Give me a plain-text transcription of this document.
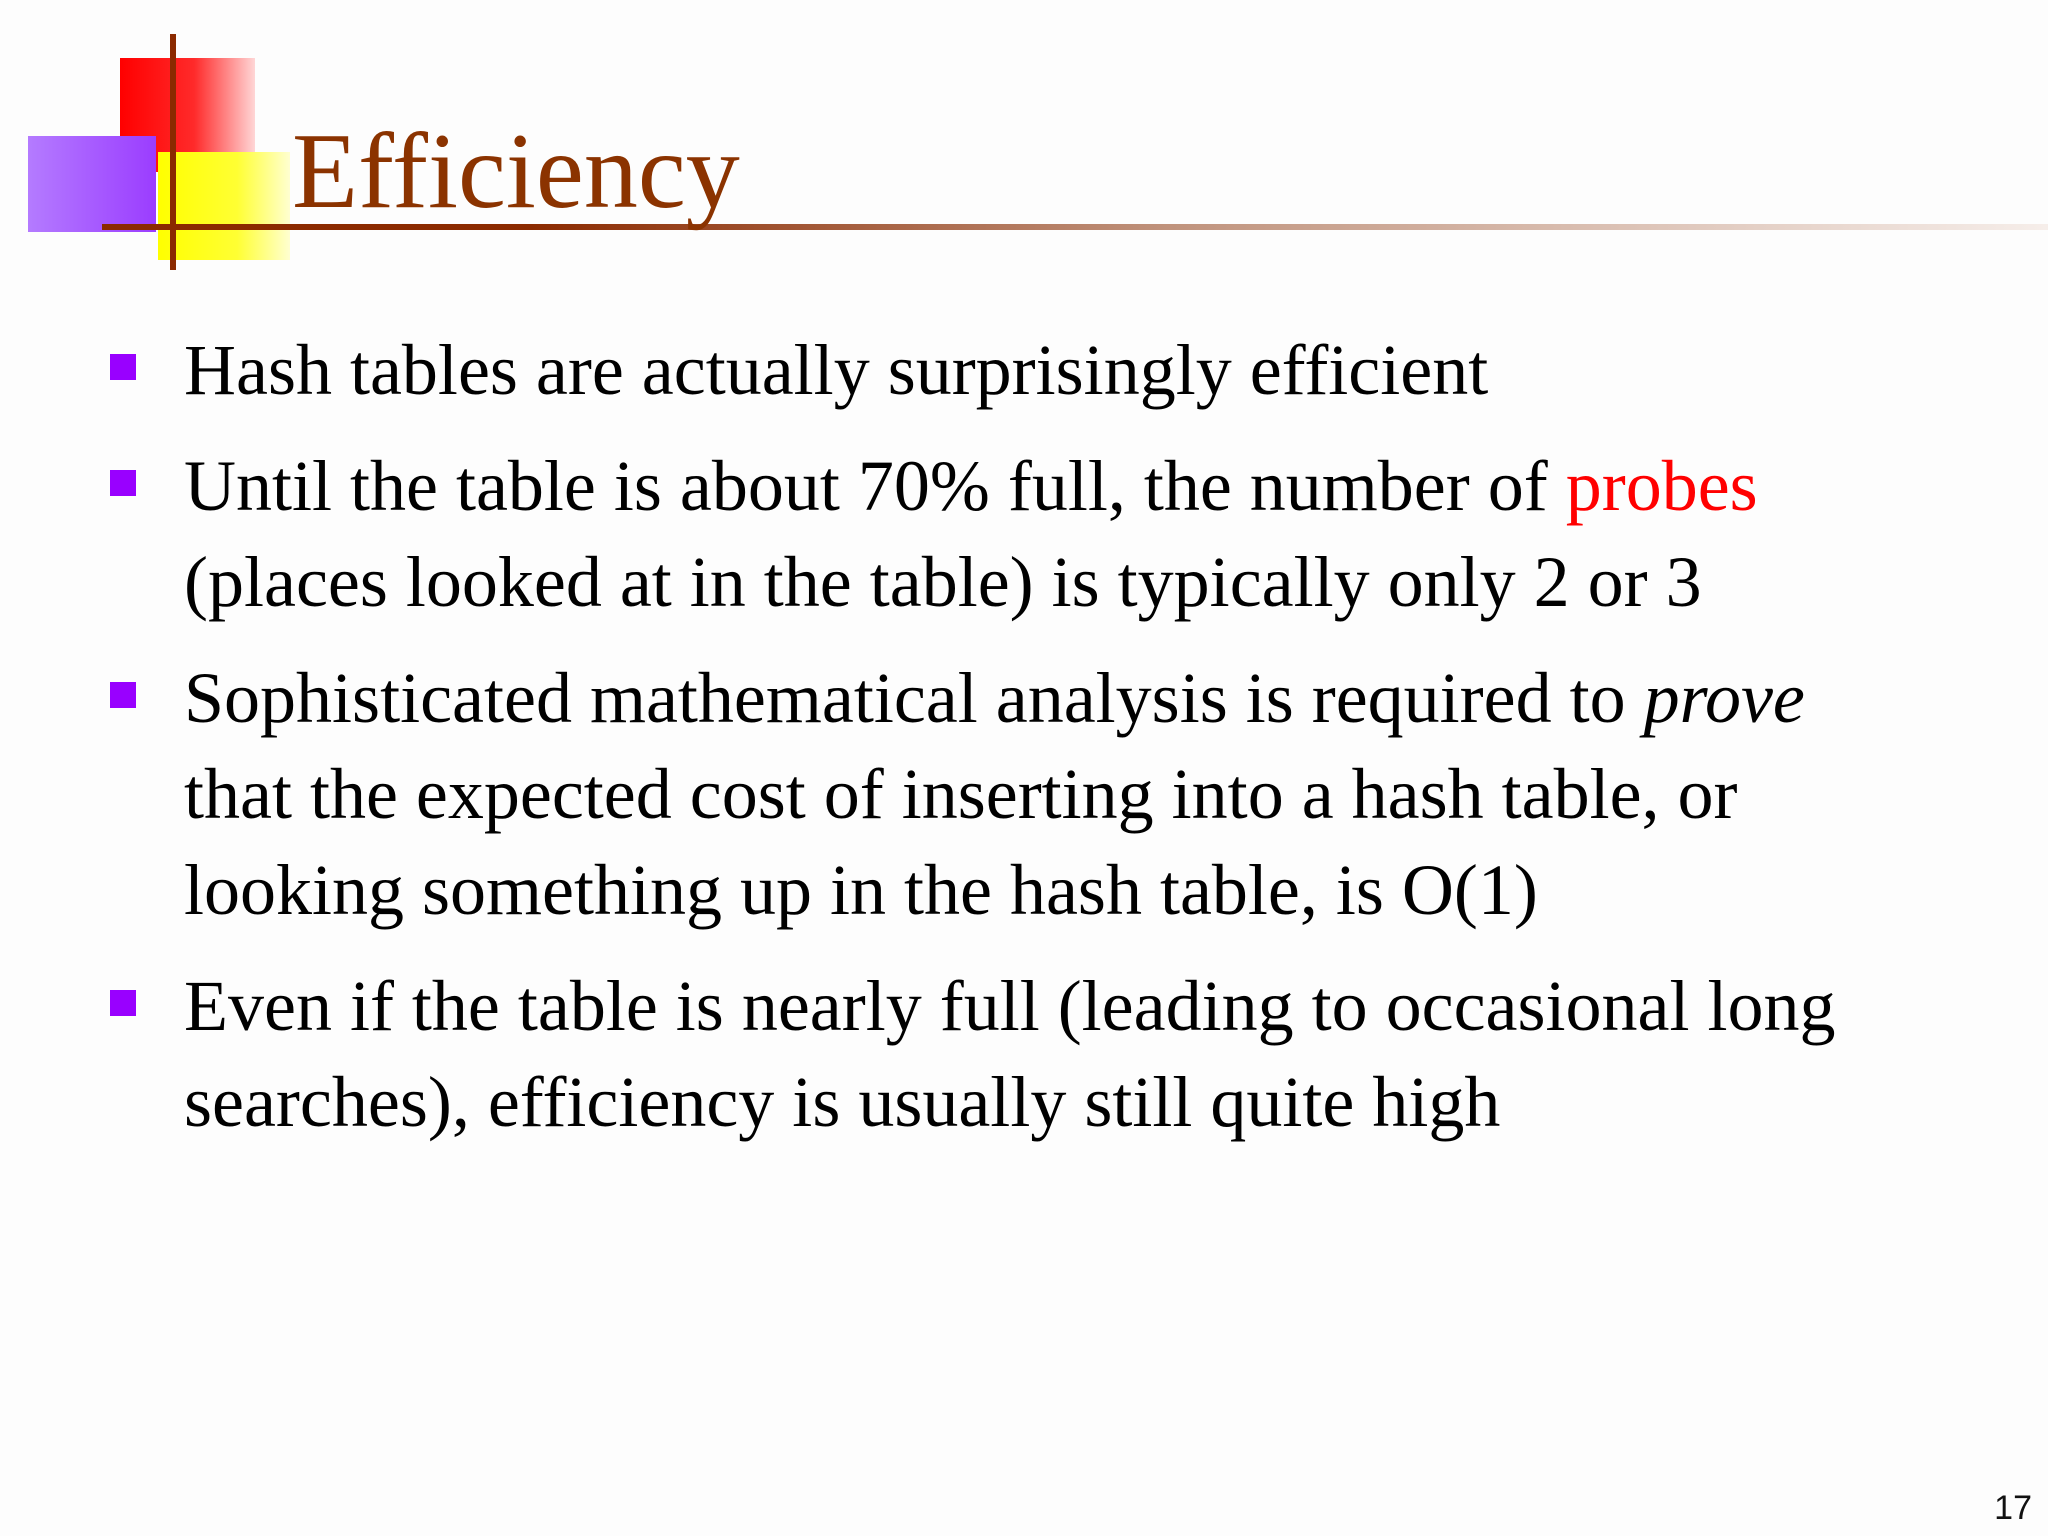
Efficiency
Hash tables are actually surprisingly efficient
Until the table is about 70% full, the number of probes (places looked at in the table) is typically only 2 or 3
Sophisticated mathematical analysis is required to prove that the expected cost of inserting into a hash table, or looking something up in the hash table, is O(1)
Even if the table is nearly full (leading to occasional long searches), efficiency is usually still quite high
17
